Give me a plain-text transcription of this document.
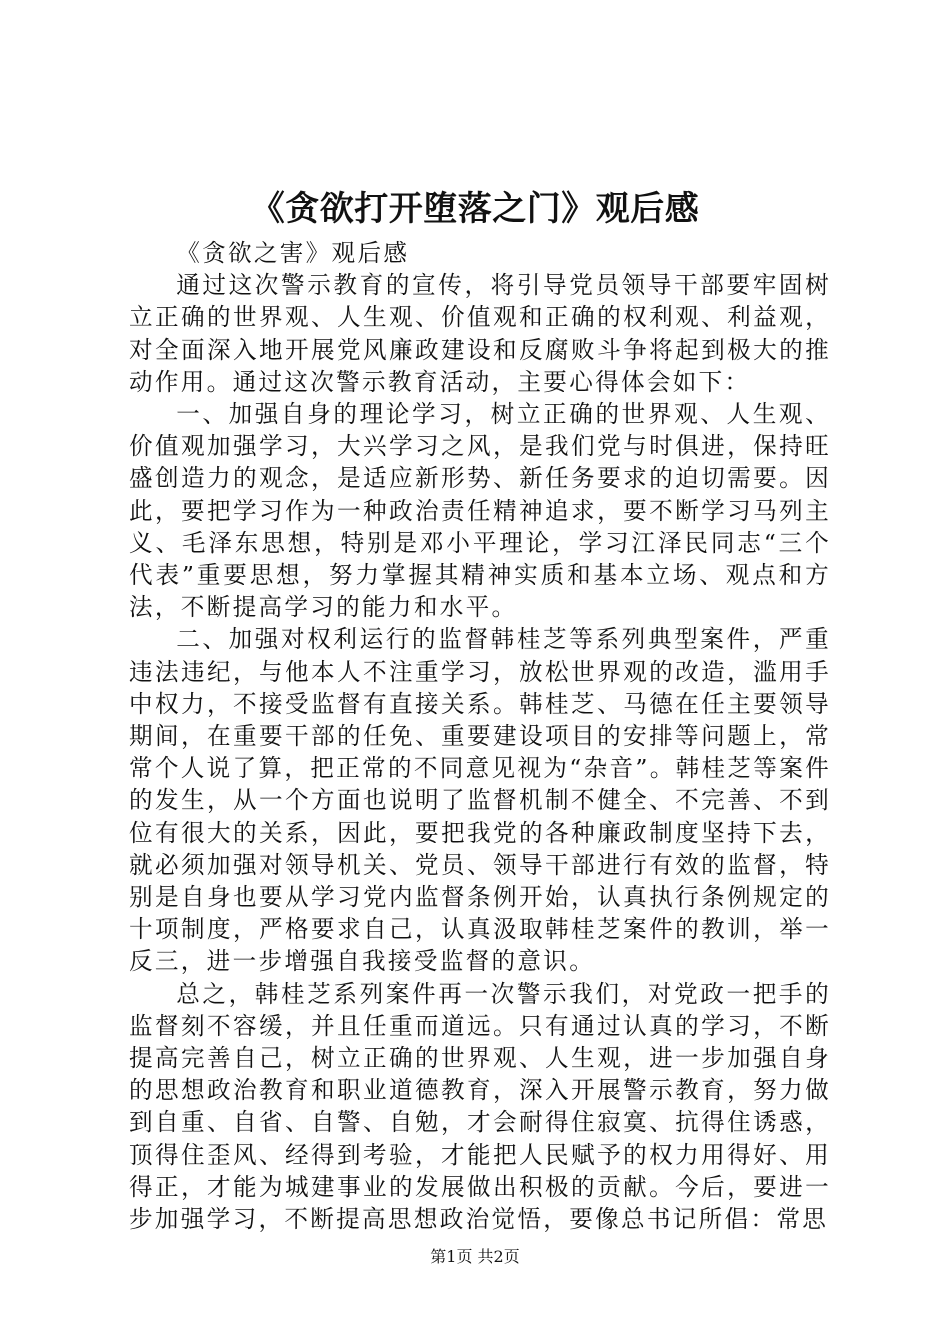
《贪欲打开堕落之门》观后感

《贪欲之害》观后感

通过这次警示教育的宣传，将引导党员领导干部要牢固树立正确的世界观、人生观、价值观和正确的权利观、利益观，对全面深入地开展党风廉政建设和反腐败斗争将起到极大的推动作用。通过这次警示教育活动，主要心得体会如下：

一、加强自身的理论学习，树立正确的世界观、人生观、价值观加强学习，大兴学习之风，是我们党与时俱进，保持旺盛创造力的观念，是适应新形势、新任务要求的迫切需要。因此，要把学习作为一种政治责任精神追求，要不断学习马列主义、毛泽东思想，特别是邓小平理论，学习江泽民同志“三个代表”重要思想，努力掌握其精神实质和基本立场、观点和方法，不断提高学习的能力和水平。

二、加强对权利运行的监督韩桂芝等系列典型案件，严重违法违纪，与他本人不注重学习，放松世界观的改造，滥用手中权力，不接受监督有直接关系。韩桂芝、马德在任主要领导期间，在重要干部的任免、重要建设项目的安排等问题上，常常个人说了算，把正常的不同意见视为“杂音”。韩桂芝等案件的发生，从一个方面也说明了监督机制不健全、不完善、不到位有很大的关系，因此，要把我党的各种廉政制度坚持下去，就必须加强对领导机关、党员、领导干部进行有效的监督，特别是自身也要从学习党内监督条例开始，认真执行条例规定的十项制度，严格要求自己，认真汲取韩桂芝案件的教训，举一反三，进一步增强自我接受监督的意识。

总之，韩桂芝系列案件再一次警示我们，对党政一把手的监督刻不容缓，并且任重而道远。只有通过认真的学习，不断提高完善自己，树立正确的世界观、人生观，进一步加强自身的思想政治教育和职业道德教育，深入开展警示教育，努力做到自重、自省、自警、自勉，才会耐得住寂寞、抗得住诱惑，顶得住歪风、经得到考验，才能把人民赋予的权力用得好、用得正，才能为城建事业的发展做出积极的贡献。今后，要进一步加强学习，不断提高思想政治觉悟，要像总书记所倡：常思

第1页 共2页
